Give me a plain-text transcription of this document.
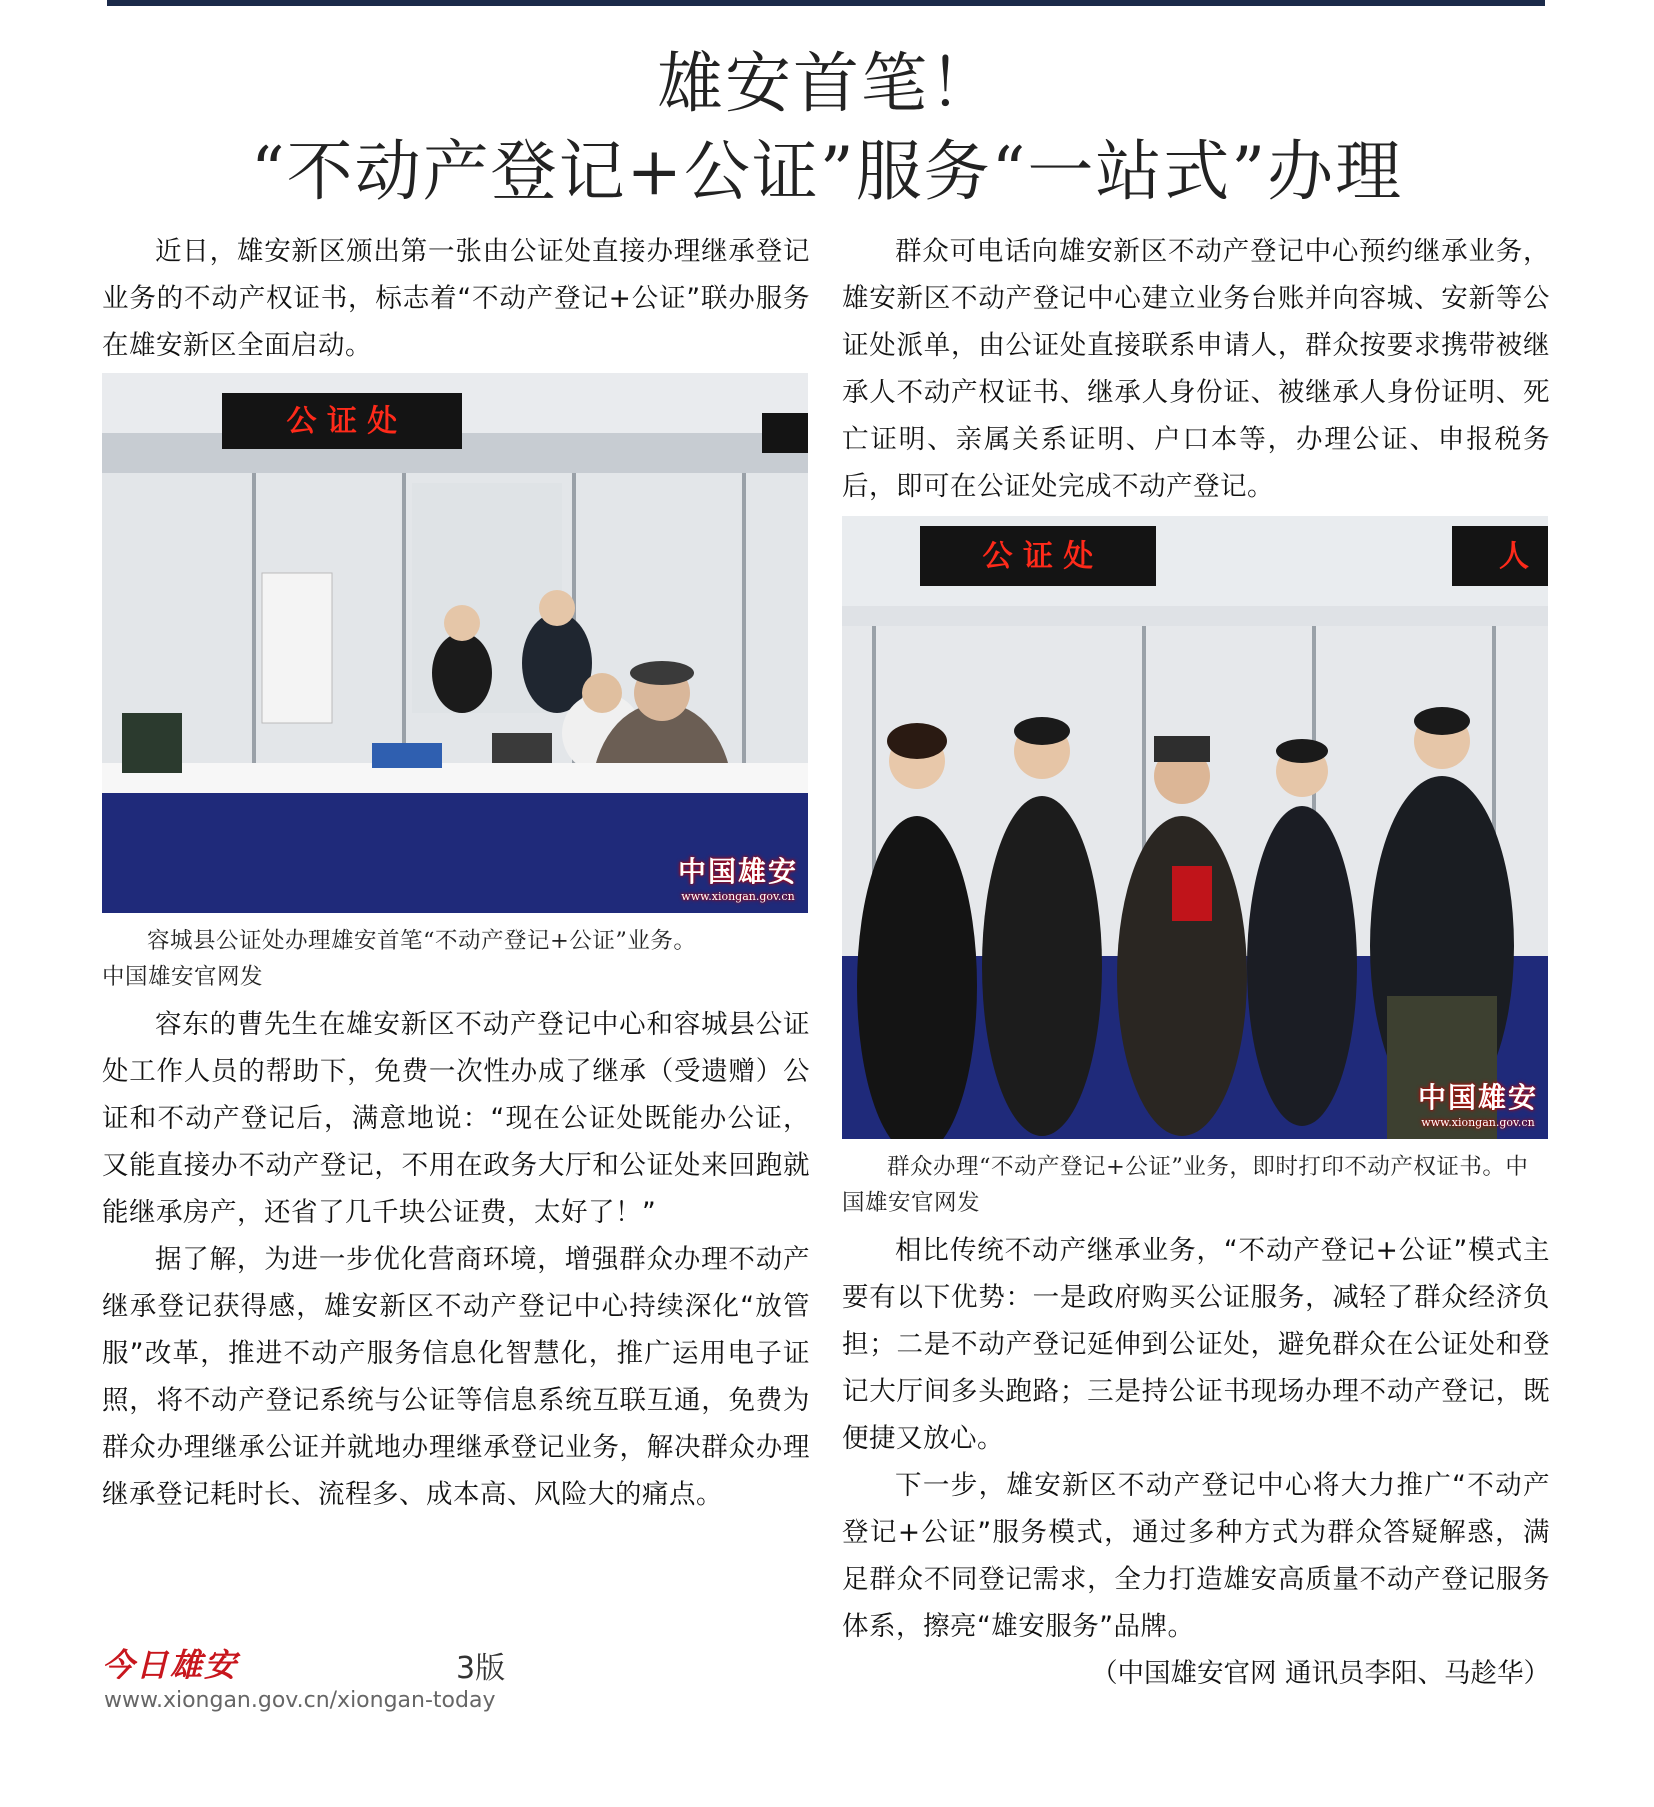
雄安首笔！
“不动产登记+公证”服务“一站式”办理

近日，雄安新区颁出第一张由公证处直接办理继承登记业务的不动产权证书，标志着“不动产登记+公证”联办服务在雄安新区全面启动。

公 证 处
中国雄安
www.xiongan.gov.cn

容城县公证处办理雄安首笔“不动产登记+公证”业务。
中国雄安官网发

容东的曹先生在雄安新区不动产登记中心和容城县公证处工作人员的帮助下，免费一次性办成了继承（受遗赠）公证和不动产登记后，满意地说：“现在公证处既能办公证，又能直接办不动产登记，不用在政务大厅和公证处来回跑就能继承房产，还省了几千块公证费，太好了！”

据了解，为进一步优化营商环境，增强群众办理不动产继承登记获得感，雄安新区不动产登记中心持续深化“放管服”改革，推进不动产服务信息化智慧化，推广运用电子证照，将不动产登记系统与公证等信息系统互联互通，免费为群众办理继承公证并就地办理继承登记业务，解决群众办理继承登记耗时长、流程多、成本高、风险大的痛点。

群众可电话向雄安新区不动产登记中心预约继承业务，雄安新区不动产登记中心建立业务台账并向容城、安新等公证处派单，由公证处直接联系申请人，群众按要求携带被继承人不动产权证书、继承人身份证、被继承人身份证明、死亡证明、亲属关系证明、户口本等，办理公证、申报税务后，即可在公证处完成不动产登记。

公 证 处	人
中国雄安
www.xiongan.gov.cn

群众办理“不动产登记+公证”业务，即时打印不动产权证书。中国雄安官网发

相比传统不动产继承业务，“不动产登记+公证”模式主要有以下优势：一是政府购买公证服务，减轻了群众经济负担；二是不动产登记延伸到公证处，避免群众在公证处和登记大厅间多头跑路；三是持公证书现场办理不动产登记，既便捷又放心。

下一步，雄安新区不动产登记中心将大力推广“不动产登记+公证”服务模式，通过多种方式为群众答疑解惑，满足群众不同登记需求，全力打造雄安高质量不动产登记服务体系，擦亮“雄安服务”品牌。

（中国雄安官网 通讯员李阳、马趁华）

今日雄安	3版
www.xiongan.gov.cn/xiongan-today
